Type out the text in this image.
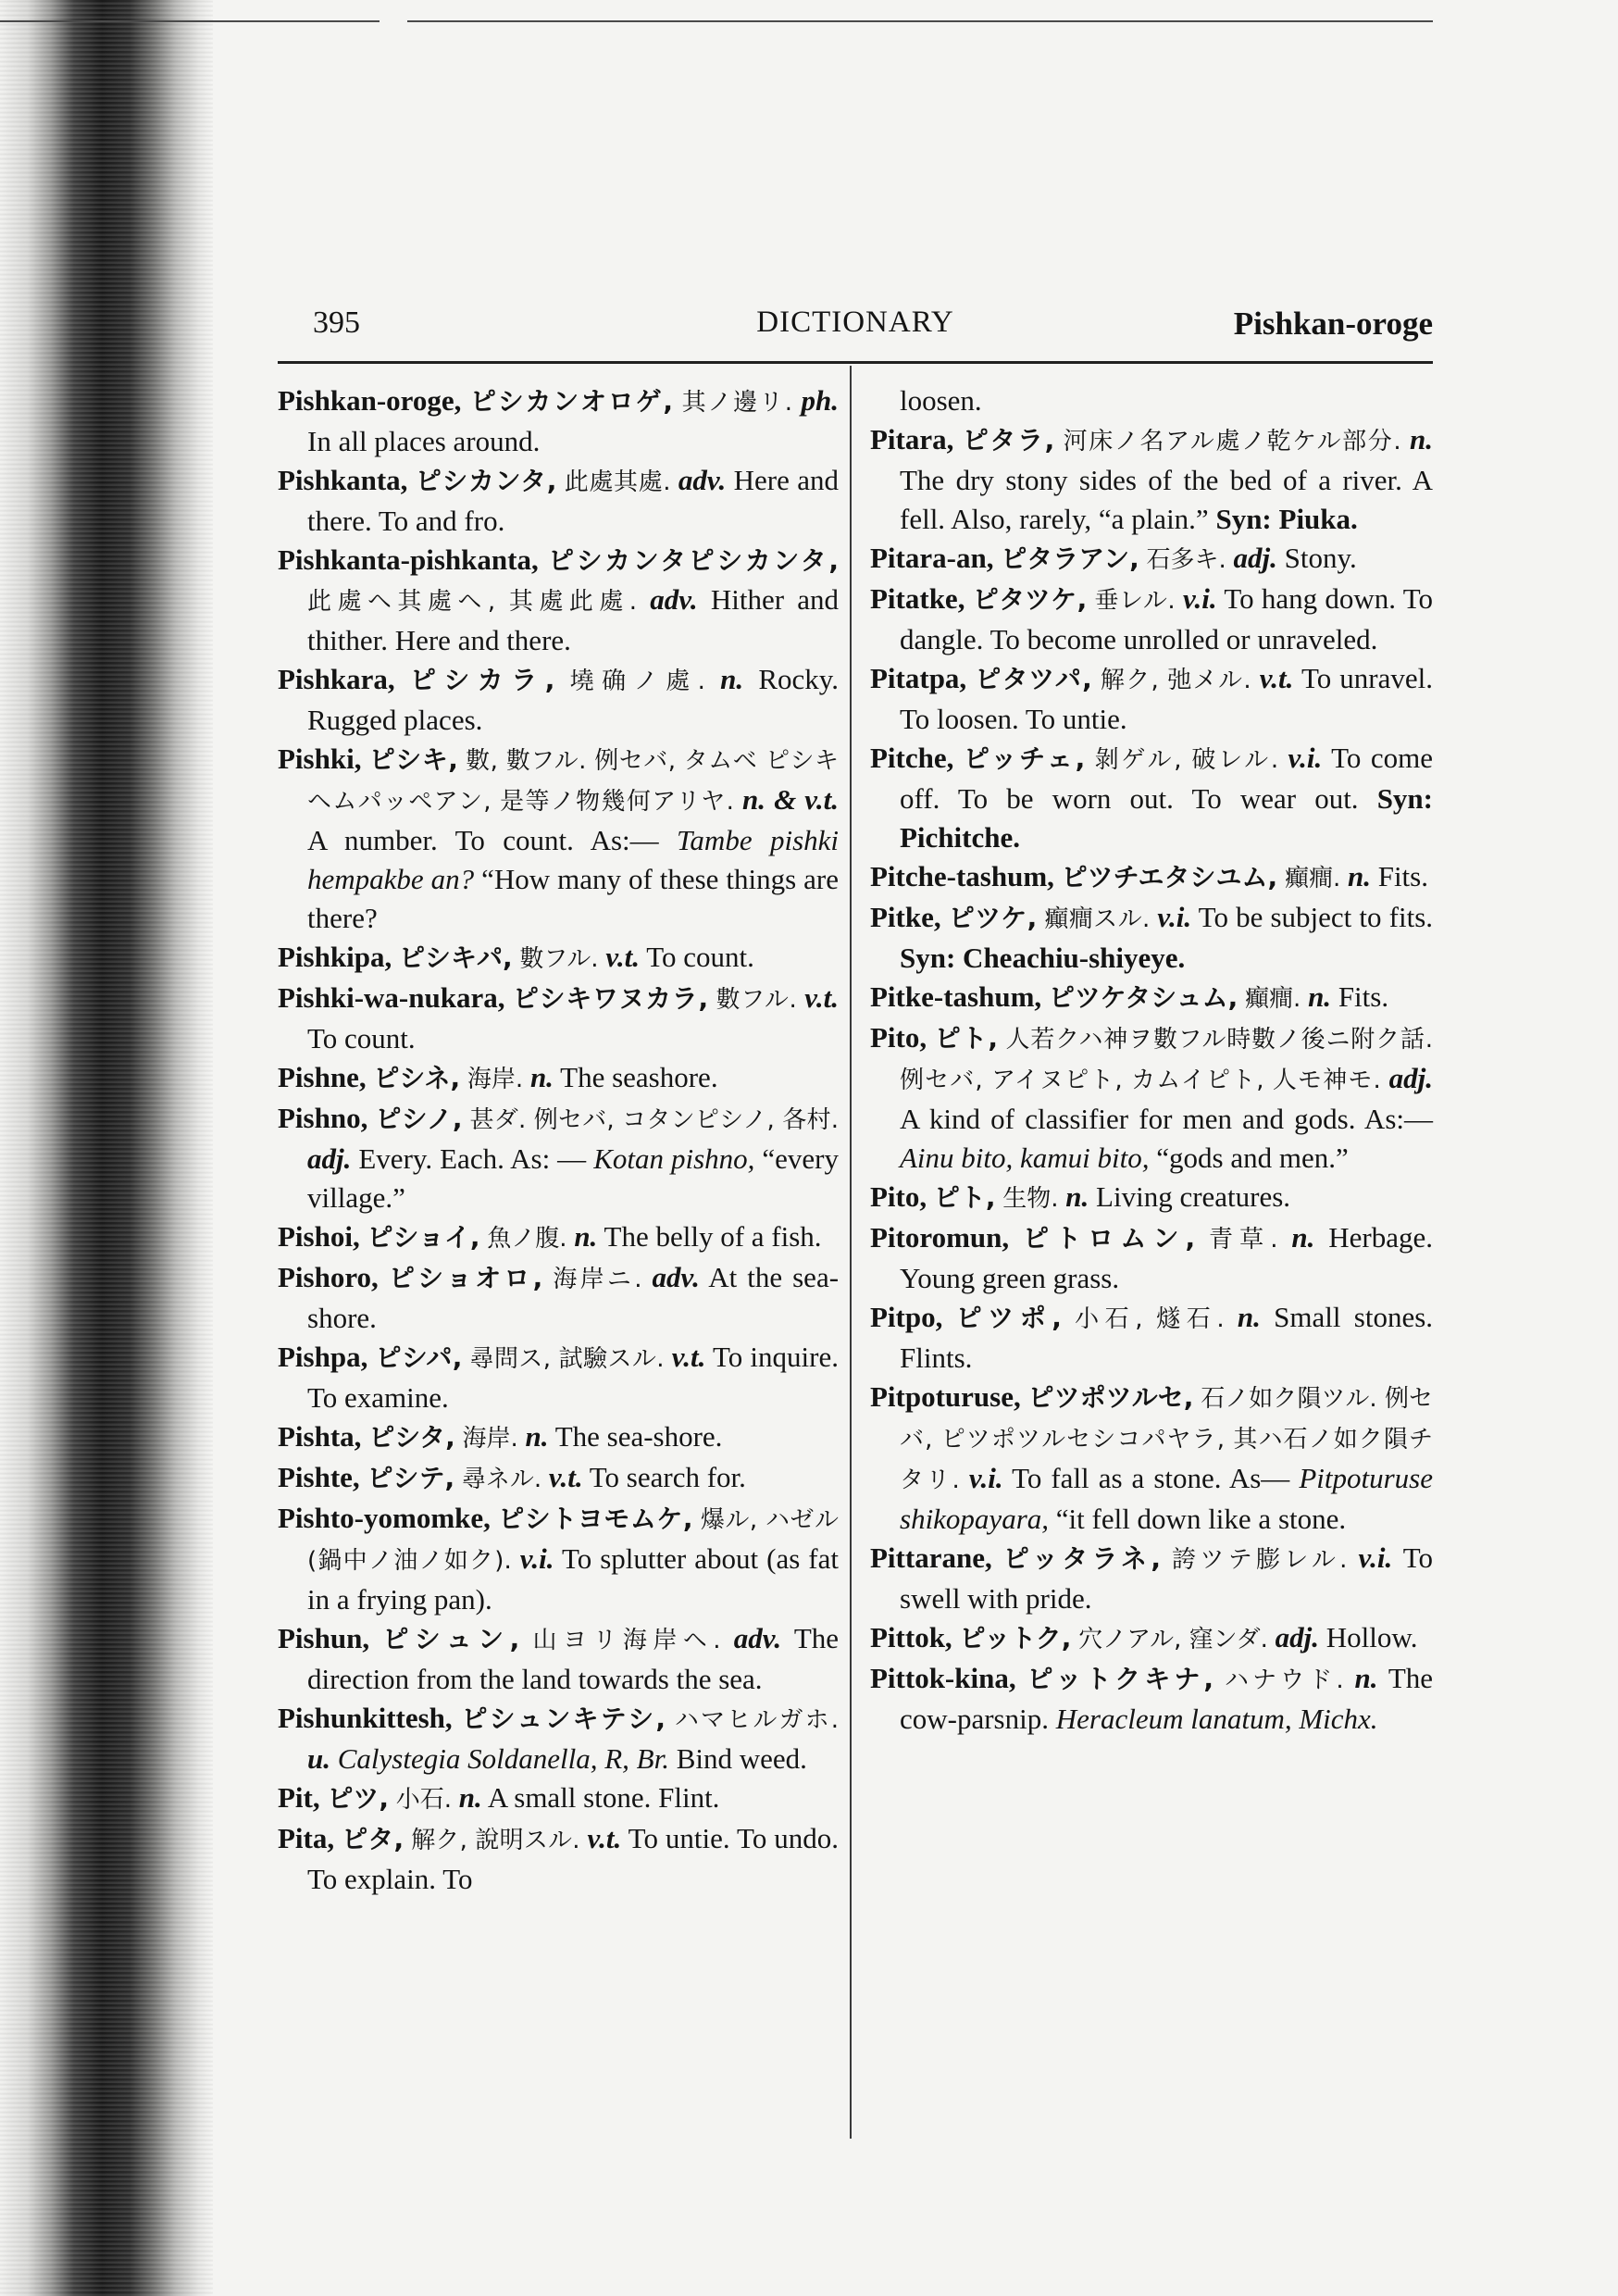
395	DICTIONARY	Pishkan-oroge

Pishkan-oroge, ピシカンオロゲ, 其ノ邊リ. ph. In all places around.

Pishkanta, ピシカンタ, 此處其處. adv. Here and there. To and fro.

Pishkanta-pishkanta, ピシカンタピシカンタ, 此處ヘ其處ヘ, 其處此處. adv. Hither and thither. Here and there.

Pishkara, ピシカラ, 墝确ノ處. n. Rocky. Rugged places.

Pishki, ピシキ, 數, 數フル. 例セバ, タムベ ピシキ ヘムパッペアン, 是等ノ物幾何アリヤ. n. & v.t. A number. To count. As:— Tambe pishki hempakbe an? “How many of these things are there?

Pishkipa, ピシキパ, 數フル. v.t. To count.

Pishki-wa-nukara, ピシキワヌカラ, 數フル. v.t. To count.

Pishne, ピシネ, 海岸. n. The seashore.

Pishno, ピシノ, 甚ダ. 例セバ, コタンピシノ, 各村. adj. Every. Each. As: — Kotan pishno, “every village.”

Pishoi, ピショイ, 魚ノ腹. n. The belly of a fish.

Pishoro, ピショオロ, 海岸ニ. adv. At the sea-shore.

Pishpa, ピシパ, 尋問ス, 試驗スル. v.t. To inquire. To examine.

Pishta, ピシタ, 海岸. n. The sea-shore.

Pishte, ピシテ, 尋ネル. v.t. To search for.

Pishto-yomomke, ピシトヨモムケ, 爆ル, ハゼル(鍋中ノ油ノ如ク). v.i. To splutter about (as fat in a frying pan).

Pishun, ピシュン, 山ヨリ海岸ヘ. adv. The direction from the land towards the sea.

Pishunkittesh, ピシュンキテシ, ハマヒルガホ. u. Calystegia Soldanella, R, Br. Bind weed.

Pit, ピツ, 小石. n. A small stone. Flint.

Pita, ピタ, 解ク, 說明スル. v.t. To untie. To undo. To explain. To

loosen.

Pitara, ピタラ, 河床ノ名アル處ノ乾ケル部分. n. The dry stony sides of the bed of a river. A fell. Also, rarely, “a plain.” Syn: Piuka.

Pitara-an, ピタラアン, 石多キ. adj. Stony.

Pitatke, ピタツケ, 垂レル. v.i. To hang down. To dangle. To become unrolled or unraveled.

Pitatpa, ピタツパ, 解ク, 弛メル. v.t. To unravel. To loosen. To untie.

Pitche, ピッチェ, 剝ゲル, 破レル. v.i. To come off. To be worn out. To wear out. Syn: Pichitche.

Pitche-tashum, ピツチエタシユム, 癲癎. n. Fits.

Pitke, ピツケ, 癲癎スル. v.i. To be subject to fits. Syn: Cheachiu-shiyeye.

Pitke-tashum, ピツケタシュム, 癲癎. n. Fits.

Pito, ピト, 人若クハ神ヲ數フル時數ノ後ニ附ク話. 例セバ, アイヌピト, カムイピト, 人モ神モ. adj. A kind of classifier for men and gods. As:— Ainu bito, kamui bito, “gods and men.”

Pito, ピト, 生物. n. Living creatures.

Pitoromun, ピトロムン, 青草. n. Herbage. Young green grass.

Pitpo, ピツポ, 小石, 燧石. n. Small stones. Flints.

Pitpoturuse, ピツポツルセ, 石ノ如ク隕ツル. 例セバ, ピツポツルセシコパヤラ, 其ハ石ノ如ク隕チタリ. v.i. To fall as a stone. As— Pitpoturuse shikopayara, “it fell down like a stone.

Pittarane, ピッタラネ, 誇ツテ膨レル. v.i. To swell with pride.

Pittok, ピットク, 穴ノアル, 窪ンダ. adj. Hollow.

Pittok-kina, ピットクキナ, ハナウド. n. The cow-parsnip. Heracleum lanatum, Michx.
